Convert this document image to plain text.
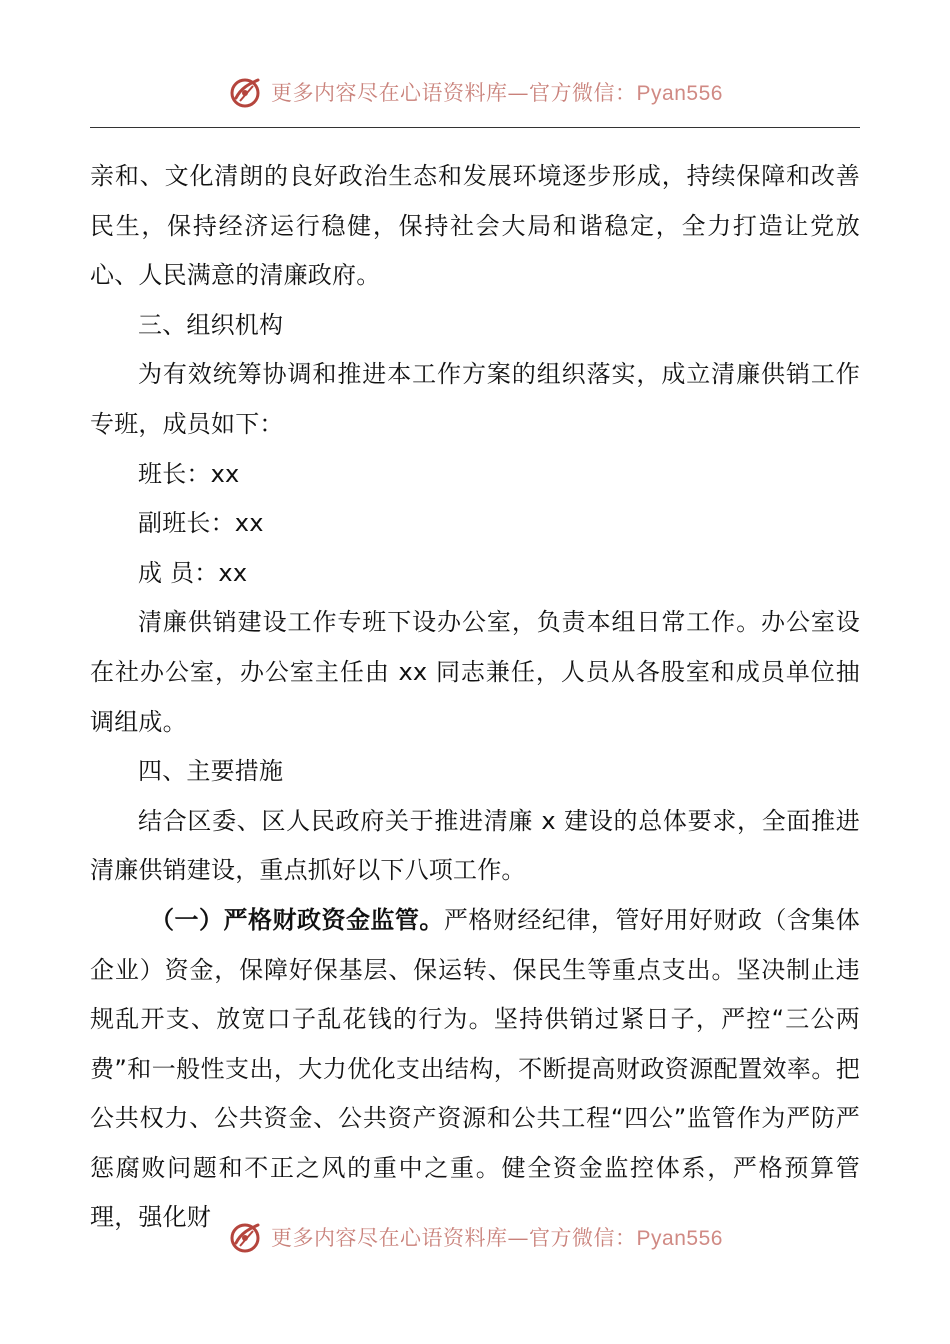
更多内容尽在心语资料库—官方微信：Pyan556

亲和、文化清朗的良好政治生态和发展环境逐步形成，持续保障和改善民生，保持经济运行稳健，保持社会大局和谐稳定，全力打造让党放心、人民满意的清廉政府。

三、组织机构

为有效统筹协调和推进本工作方案的组织落实，成立清廉供销工作专班，成员如下：

班长：xx

副班长：xx

成 员：xx

清廉供销建设工作专班下设办公室，负责本组日常工作。办公室设在社办公室，办公室主任由 xx 同志兼任，人员从各股室和成员单位抽调组成。

四、主要措施

结合区委、区人民政府关于推进清廉 x 建设的总体要求，全面推进清廉供销建设，重点抓好以下八项工作。

（一）严格财政资金监管。严格财经纪律，管好用好财政（含集体企业）资金，保障好保基层、保运转、保民生等重点支出。坚决制止违规乱开支、放宽口子乱花钱的行为。坚持供销过紧日子，严控“三公两费”和一般性支出，大力优化支出结构，不断提高财政资源配置效率。把公共权力、公共资金、公共资产资源和公共工程“四公”监管作为严防严惩腐败问题和不正之风的重中之重。健全资金监控体系，严格预算管理，强化财

更多内容尽在心语资料库—官方微信：Pyan556
